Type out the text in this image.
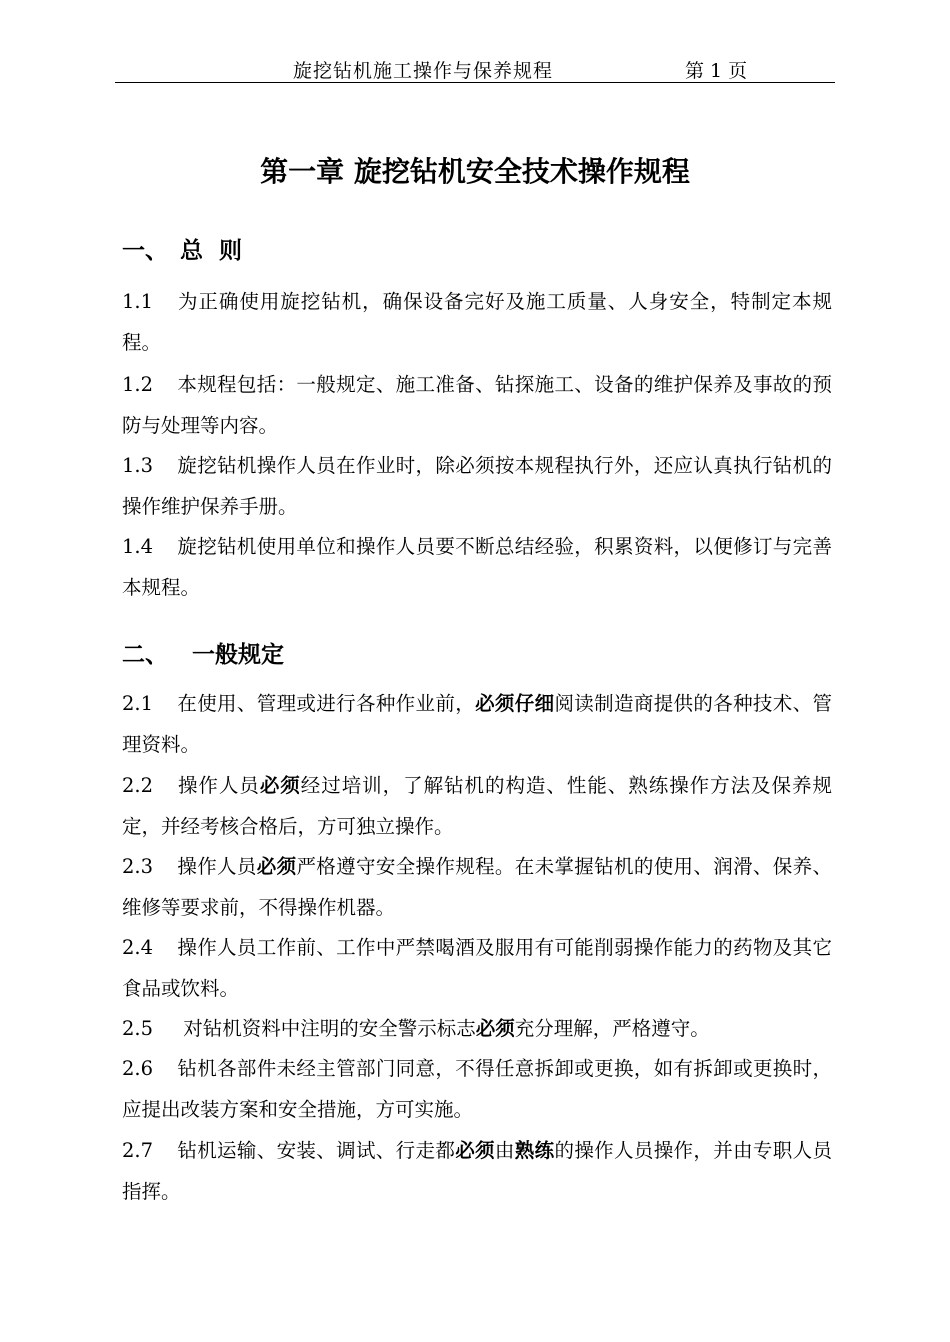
旋挖钻机施工操作与保养规程	第 1 页
第一章 旋挖钻机安全技术操作规程
一、 总  则
1.1 为正确使用旋挖钻机，确保设备完好及施工质量、人身安全，特制定本规程。
1.2 本规程包括：一般规定、施工准备、钻探施工、设备的维护保养及事故的预防与处理等内容。
1.3 旋挖钻机操作人员在作业时，除必须按本规程执行外，还应认真执行钻机的操作维护保养手册。
1.4 旋挖钻机使用单位和操作人员要不断总结经验，积累资料，以便修订与完善本规程。
二、 一般规定
2.1 在使用、管理或进行各种作业前，必须仔细阅读制造商提供的各种技术、管理资料。
2.2 操作人员必须经过培训，了解钻机的构造、性能、熟练操作方法及保养规定，并经考核合格后，方可独立操作。
2.3 操作人员必须严格遵守安全操作规程。在未掌握钻机的使用、润滑、保养、维修等要求前，不得操作机器。
2.4 操作人员工作前、工作中严禁喝酒及服用有可能削弱操作能力的药物及其它食品或饮料。
2.5 对钻机资料中注明的安全警示标志必须充分理解，严格遵守。
2.6 钻机各部件未经主管部门同意，不得任意拆卸或更换，如有拆卸或更换时，应提出改装方案和安全措施，方可实施。
2.7 钻机运输、安装、调试、行走都必须由熟练的操作人员操作，并由专职人员指挥。
